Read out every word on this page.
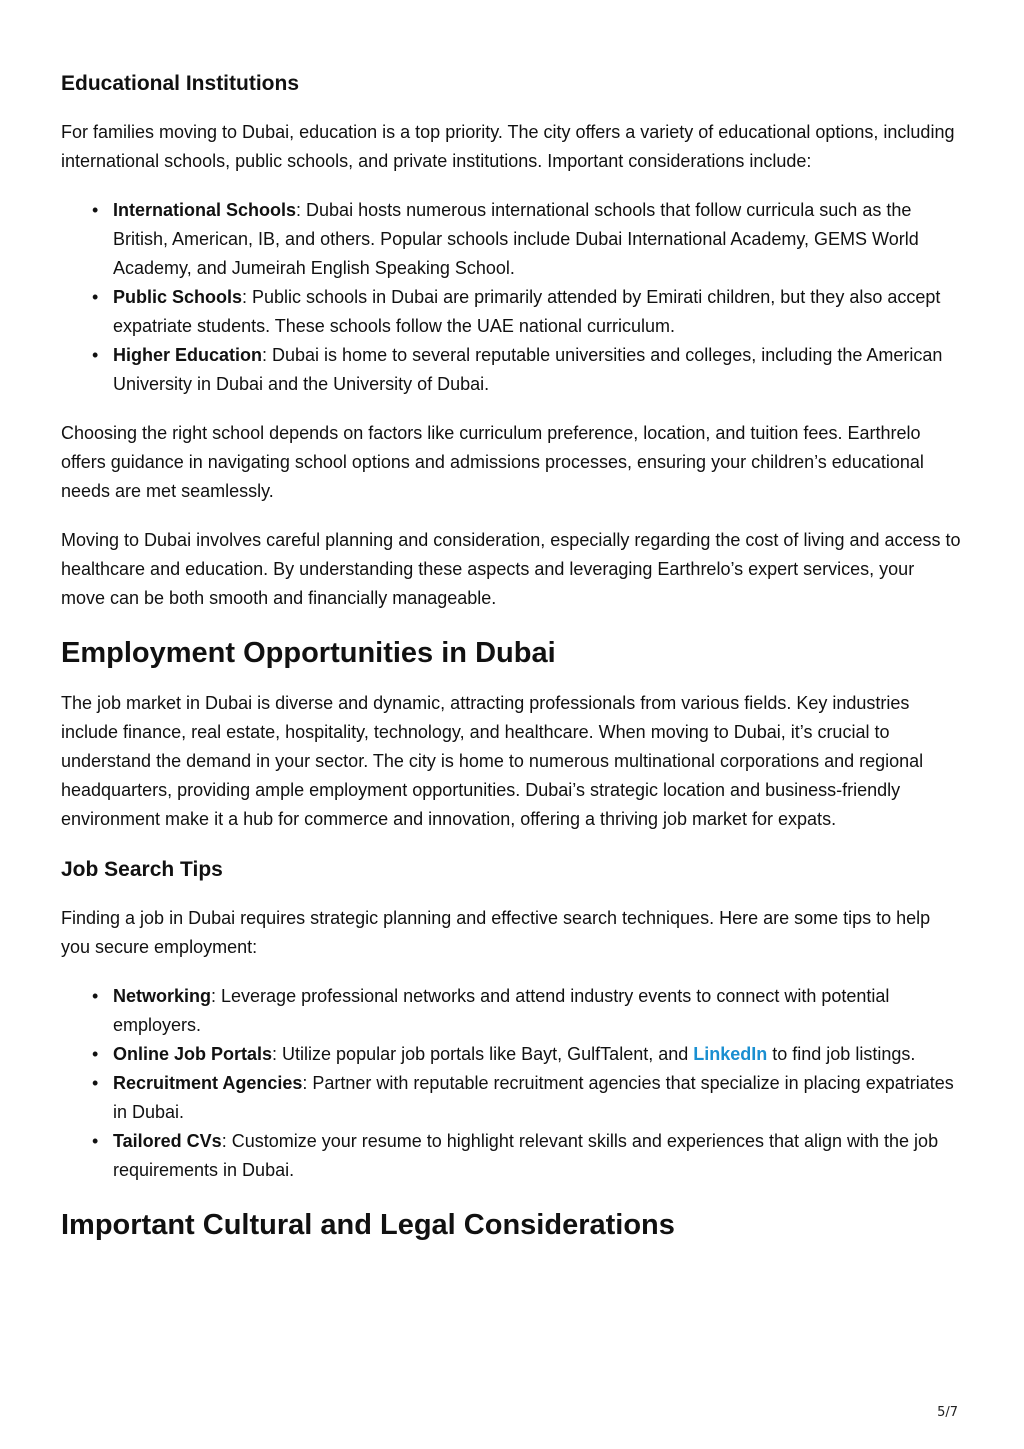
Educational Institutions

For families moving to Dubai, education is a top priority. The city offers a variety of educational options, including international schools, public schools, and private institutions. Important considerations include:

• International Schools: Dubai hosts numerous international schools that follow curricula such as the British, American, IB, and others. Popular schools include Dubai International Academy, GEMS World Academy, and Jumeirah English Speaking School.
• Public Schools: Public schools in Dubai are primarily attended by Emirati children, but they also accept expatriate students. These schools follow the UAE national curriculum.
• Higher Education: Dubai is home to several reputable universities and colleges, including the American University in Dubai and the University of Dubai.

Choosing the right school depends on factors like curriculum preference, location, and tuition fees. Earthrelo offers guidance in navigating school options and admissions processes, ensuring your children’s educational needs are met seamlessly.

Moving to Dubai involves careful planning and consideration, especially regarding the cost of living and access to healthcare and education. By understanding these aspects and leveraging Earthrelo’s expert services, your move can be both smooth and financially manageable.

Employment Opportunities in Dubai

The job market in Dubai is diverse and dynamic, attracting professionals from various fields. Key industries include finance, real estate, hospitality, technology, and healthcare. When moving to Dubai, it’s crucial to understand the demand in your sector. The city is home to numerous multinational corporations and regional headquarters, providing ample employment opportunities. Dubai’s strategic location and business-friendly environment make it a hub for commerce and innovation, offering a thriving job market for expats.

Job Search Tips

Finding a job in Dubai requires strategic planning and effective search techniques. Here are some tips to help you secure employment:

• Networking: Leverage professional networks and attend industry events to connect with potential employers.
• Online Job Portals: Utilize popular job portals like Bayt, GulfTalent, and LinkedIn to find job listings.
• Recruitment Agencies: Partner with reputable recruitment agencies that specialize in placing expatriates in Dubai.
• Tailored CVs: Customize your resume to highlight relevant skills and experiences that align with the job requirements in Dubai.
Important Cultural and Legal Considerations
5/7
